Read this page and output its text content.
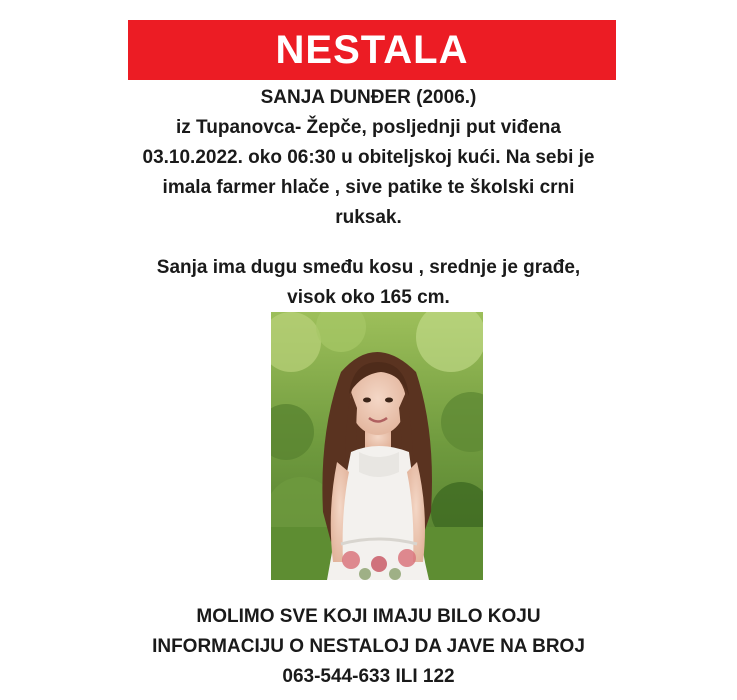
NESTALA
SANJA DUNĐER (2006.)
iz Tupanovca- Žepče, posljednji put viđena
03.10.2022. oko 06:30 u obiteljskoj kući. Na sebi je
imala farmer hlače , sive patike te školski crni
ruksak.
Sanja ima dugu smeđu kosu , srednje je građe,
visok oko 165 cm.
MOLIMO SVE KOJI IMAJU BILO KOJU
INFORMACIJU O NESTALOJ DA JAVE NA BROJ
063-544-633 ILI 122
